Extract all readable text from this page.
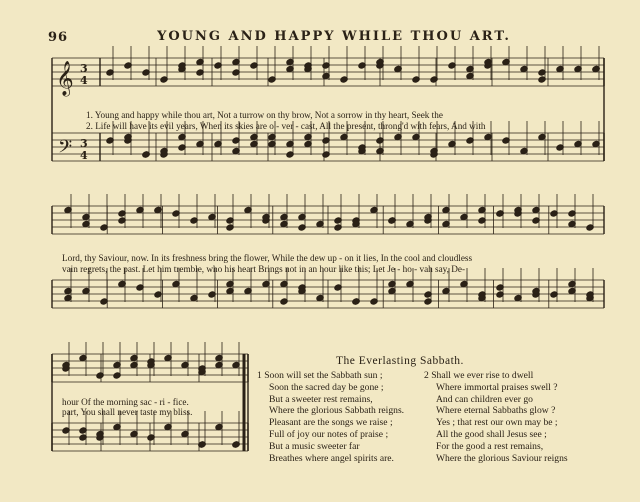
96	YOUNG AND HAPPY WHILE THOU ART.
𝄞
𝄢
3
4
3
4
1. Young and happy while thou art, Not a turrow on thy brow, Not a sorrow in thy heart, Seek the
2. Life will have its evil years, When its skies are o - ver - cast, All the present, throng'd with fears, And with
Lord, thy Saviour, now. In its freshness bring the flower, While the dew up - on it lies, In the cool and cloudless
vain regrets, the past. Let him tremble, who his heart Brings not in an hour like this; Let Je - ho - vah say, De-
hour Of the morning sac - ri - fice.
part, You shall never taste my bliss.
The Everlasting Sabbath.
1 Soon will set the Sabbath sun ;
Soon the sacred day be gone ;
But a sweeter rest remains,
Where the glorious Sabbath reigns.
Pleasant are the songs we raise ;
Full of joy our notes of praise ;
But a music sweeter far
Breathes where angel spirits are.
2 Shall we ever rise to dwell
Where immortal praises swell ?
And can children ever go
Where eternal Sabbaths glow ?
Yes ; that rest our own may be ;
All the good shall Jesus see ;
For the good a rest remains,
Where the glorious Saviour reigns
